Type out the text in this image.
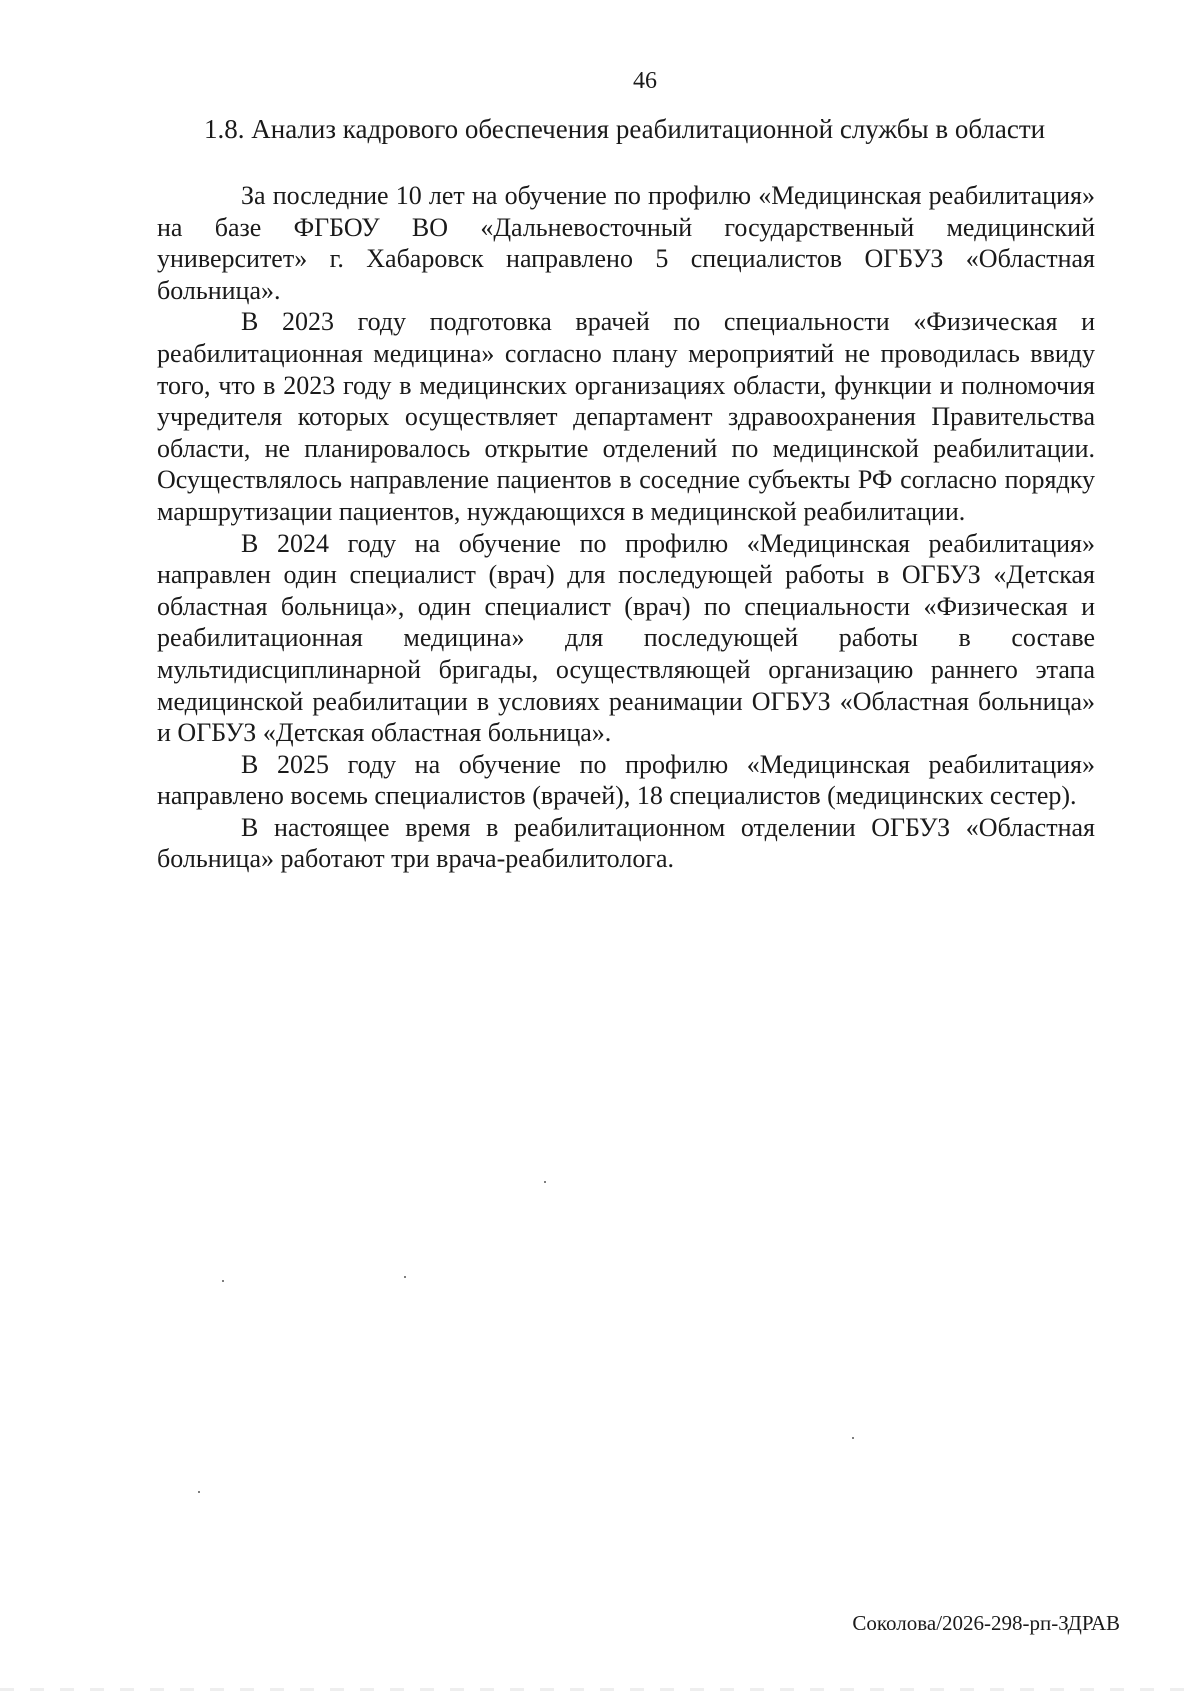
46
1.8. Анализ кадрового обеспечения реабилитационной службы в области

За последние 10 лет на обучение по профилю «Медицинская реабилитация» на базе ФГБОУ ВО «Дальневосточный государственный медицинский университет» г. Хабаровск направлено 5 специалистов ОГБУЗ «Областная больница».

В 2023 году подготовка врачей по специальности «Физическая и реабилитационная медицина» согласно плану мероприятий не проводилась ввиду того, что в 2023 году в медицинских организациях области, функции и полномочия учредителя которых осуществляет департамент здравоохранения Правительства области, не планировалось открытие отделений по медицинской реабилитации. Осуществлялось направление пациентов в соседние субъекты РФ согласно порядку маршрутизации пациентов, нуждающихся в медицинской реабилитации.

В 2024 году на обучение по профилю «Медицинская реабилитация» направлен один специалист (врач) для последующей работы в ОГБУЗ «Детская областная больница», один специалист (врач) по специальности «Физическая и реабилитационная медицина» для последующей работы в составе мультидисциплинарной бригады, осуществляющей организацию раннего этапа медицинской реабилитации в условиях реанимации ОГБУЗ «Областная больница» и ОГБУЗ «Детская областная больница».

В 2025 году на обучение по профилю «Медицинская реабилитация» направлено восемь специалистов (врачей), 18 специалистов (медицинских сестер).

В настоящее время в реабилитационном отделении ОГБУЗ «Областная больница» работают три врача-реабилитолога.

Соколова/2026-298-рп-ЗДРАВ
